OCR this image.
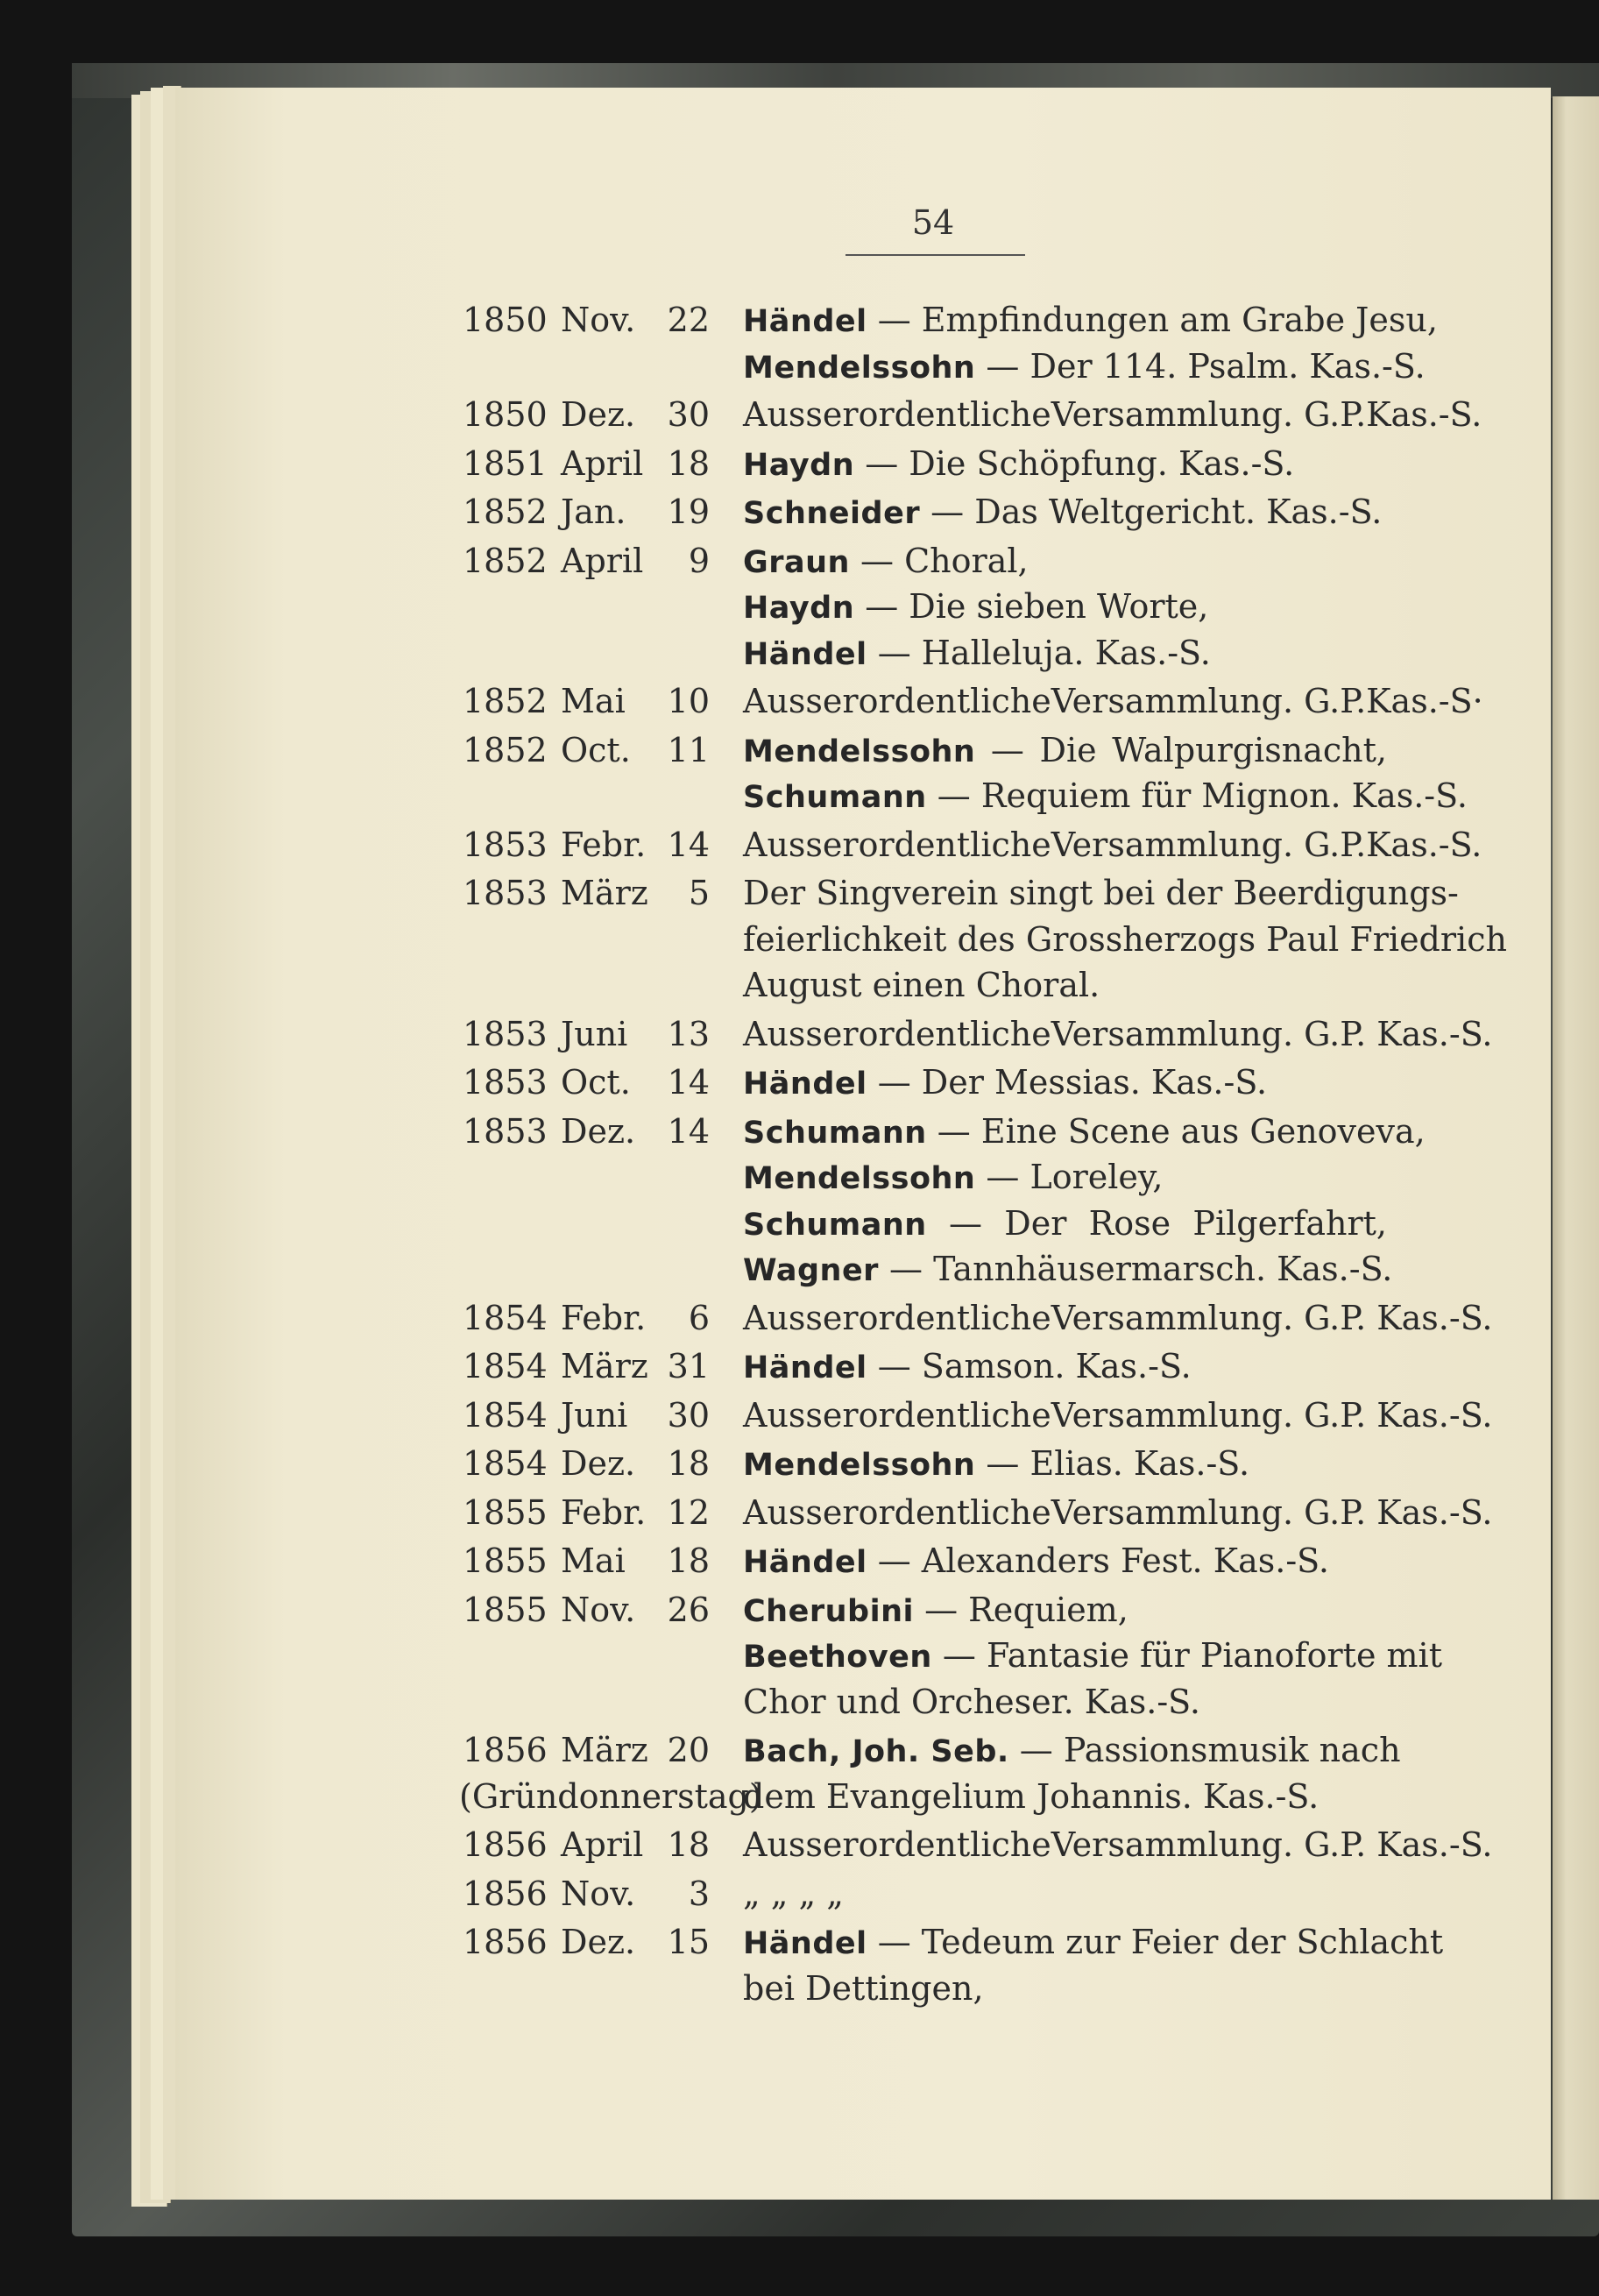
54
1850 Nov. 22 Händel — Empfindungen am Grabe Jesu,
Mendelssohn — Der 114. Psalm. Kas.-S.
1850 Dez. 30 AusserordentlicheVersammlung. G.P.Kas.-S.
1851 April 18 Haydn — Die Schöpfung. Kas.-S.
1852 Jan.	19 Schneider — Das Weltgericht. Kas.-S.
1852 April	9 Graun — Choral,
Haydn — Die sieben Worte,
Händel — Halleluja. Kas.-S.
1852 Mai	10 AusserordentlicheVersammlung. G.P.Kas.-S·
1852 Oct.	11 Mendelssohn — Die Walpurgisnacht,
Schumann — Requiem für Mignon. Kas.-S.
1853 Febr. 14 AusserordentlicheVersammlung. G.P.Kas.-S.
1853 März	5 Der Singverein singt bei der Beerdigungs-
feierlichkeit des Grossherzogs Paul Friedrich
August einen Choral.
1853 Juni	13 AusserordentlicheVersammlung. G.P. Kas.-S.
1853 Oct.	14 Händel — Der Messias. Kas.-S.
1853 Dez. 14 Schumann — Eine Scene aus Genoveva,
Mendelssohn — Loreley,
Schumann — Der Rose Pilgerfahrt,
Wagner — Tannhäusermarsch. Kas.-S.
1854 Febr.	6 AusserordentlicheVersammlung. G.P. Kas.-S.
1854 März 31 Händel — Samson. Kas.-S.
1854 Juni	30 AusserordentlicheVersammlung. G.P. Kas.-S.
1854 Dez. 18 Mendelssohn — Elias. Kas.-S.
1855 Febr. 12 AusserordentlicheVersammlung. G.P. Kas.-S.
1855 Mai	18 Händel — Alexanders Fest. Kas.-S.
1855 Nov. 26 Cherubini — Requiem,
Beethoven — Fantasie für Pianoforte mit
Chor und Orcheser. Kas.-S.
1856 März 20 Bach, Joh. Seb. — Passionsmusik nach
dem Evangelium Johannis. Kas.-S.
(Gründonnerstag)
1856 April 18 AusserordentlicheVersammlung. G.P. Kas.-S.
1856 Nov.	3 „ „ „ „
1856 Dez. 15 Händel — Tedeum zur Feier der Schlacht
bei Dettingen,
